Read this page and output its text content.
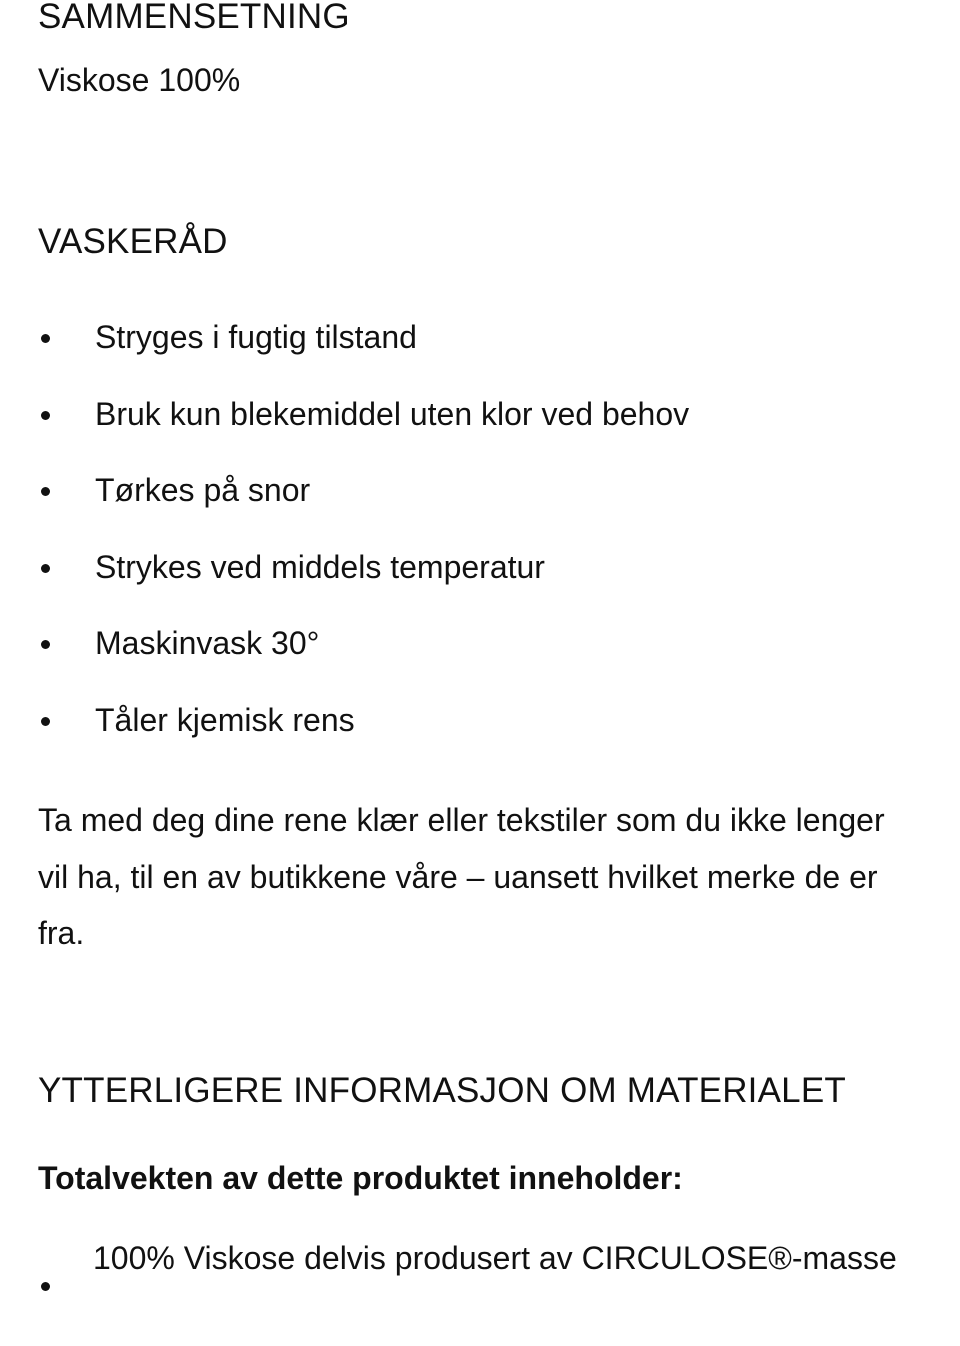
SAMMENSETNING

Viskose 100%

VASKERÅD
Stryges i fugtig tilstand
Bruk kun blekemiddel uten klor ved behov
Tørkes på snor
Strykes ved middels temperatur
Maskinvask 30°
Tåler kjemisk rens

Ta med deg dine rene klær eller tekstiler som du ikke lenger vil ha, til en av butikkene våre – uansett hvilket merke de er fra.

YTTERLIGERE INFORMASJON OM MATERIALET

Totalvekten av dette produktet inneholder:

100% Viskose delvis produsert av CIRCULOSE®-masse
